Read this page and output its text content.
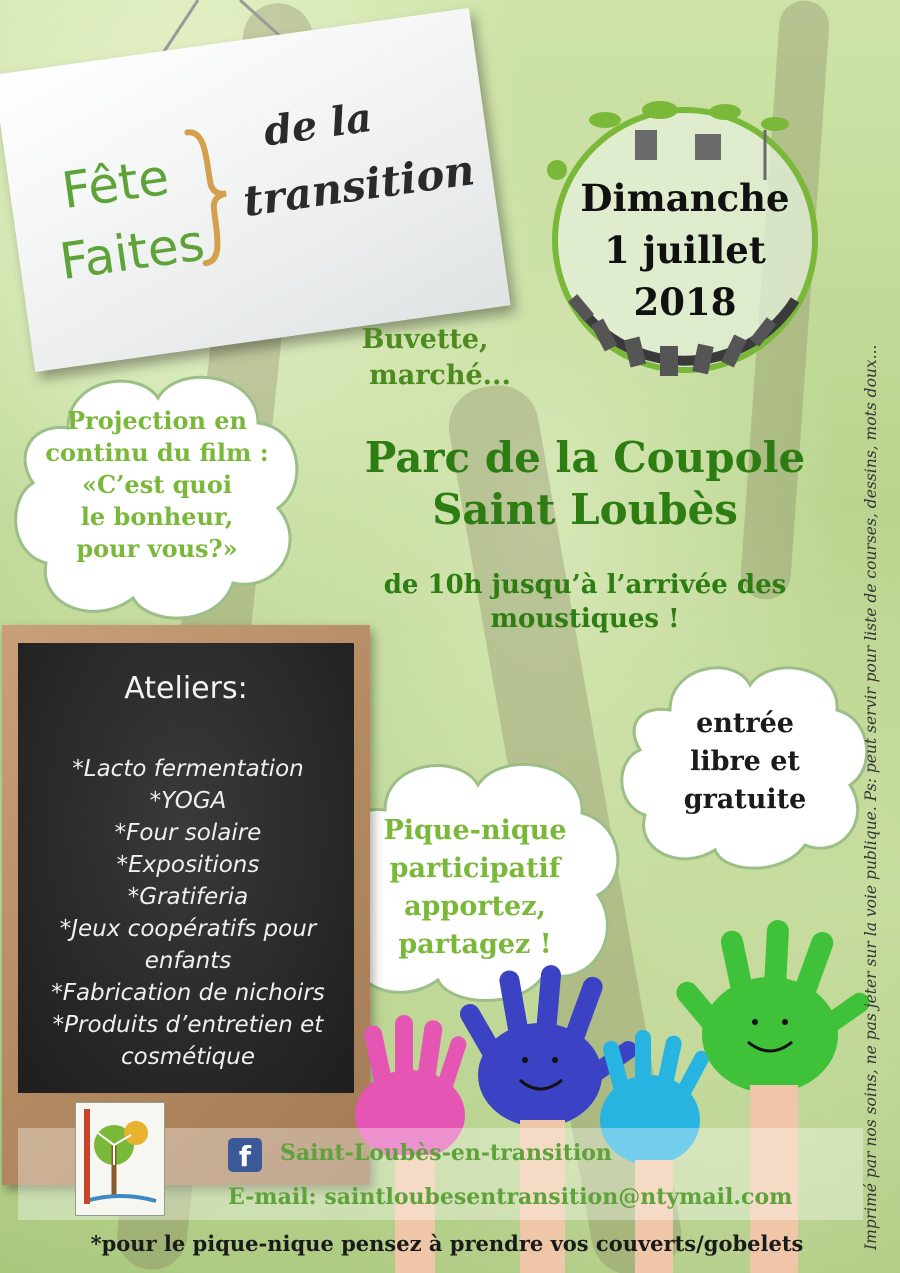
Fête
Faites
de la
transition	Dimanche
1 juillet
2018
Buvette,
marché...
Projection en
continu du film :
«C’est quoi
le bonheur,
pour vous?»
Parc de la Coupole
Saint Loubès
de 10h jusqu’à l’arrivée des
moustiques !
entrée
libre et
gratuite
Pique-nique
participatif
apportez,
partagez !
Ateliers:
*Lacto fermentation
*YOGA
*Four solaire
*Expositions
*Gratiferia
*Jeux coopératifs pour
enfants
*Fabrication de nichoirs
*Produits d’entretien et
cosmétique
f	Saint-Loubès-en-transition
E-mail: saintloubesentransition@ntymail.com
*pour le pique-nique pensez à prendre vos couverts/gobelets	Imprimé par nos soins, ne pas jeter sur la voie publique. Ps: peut servir pour liste de courses, dessins, mots doux...
